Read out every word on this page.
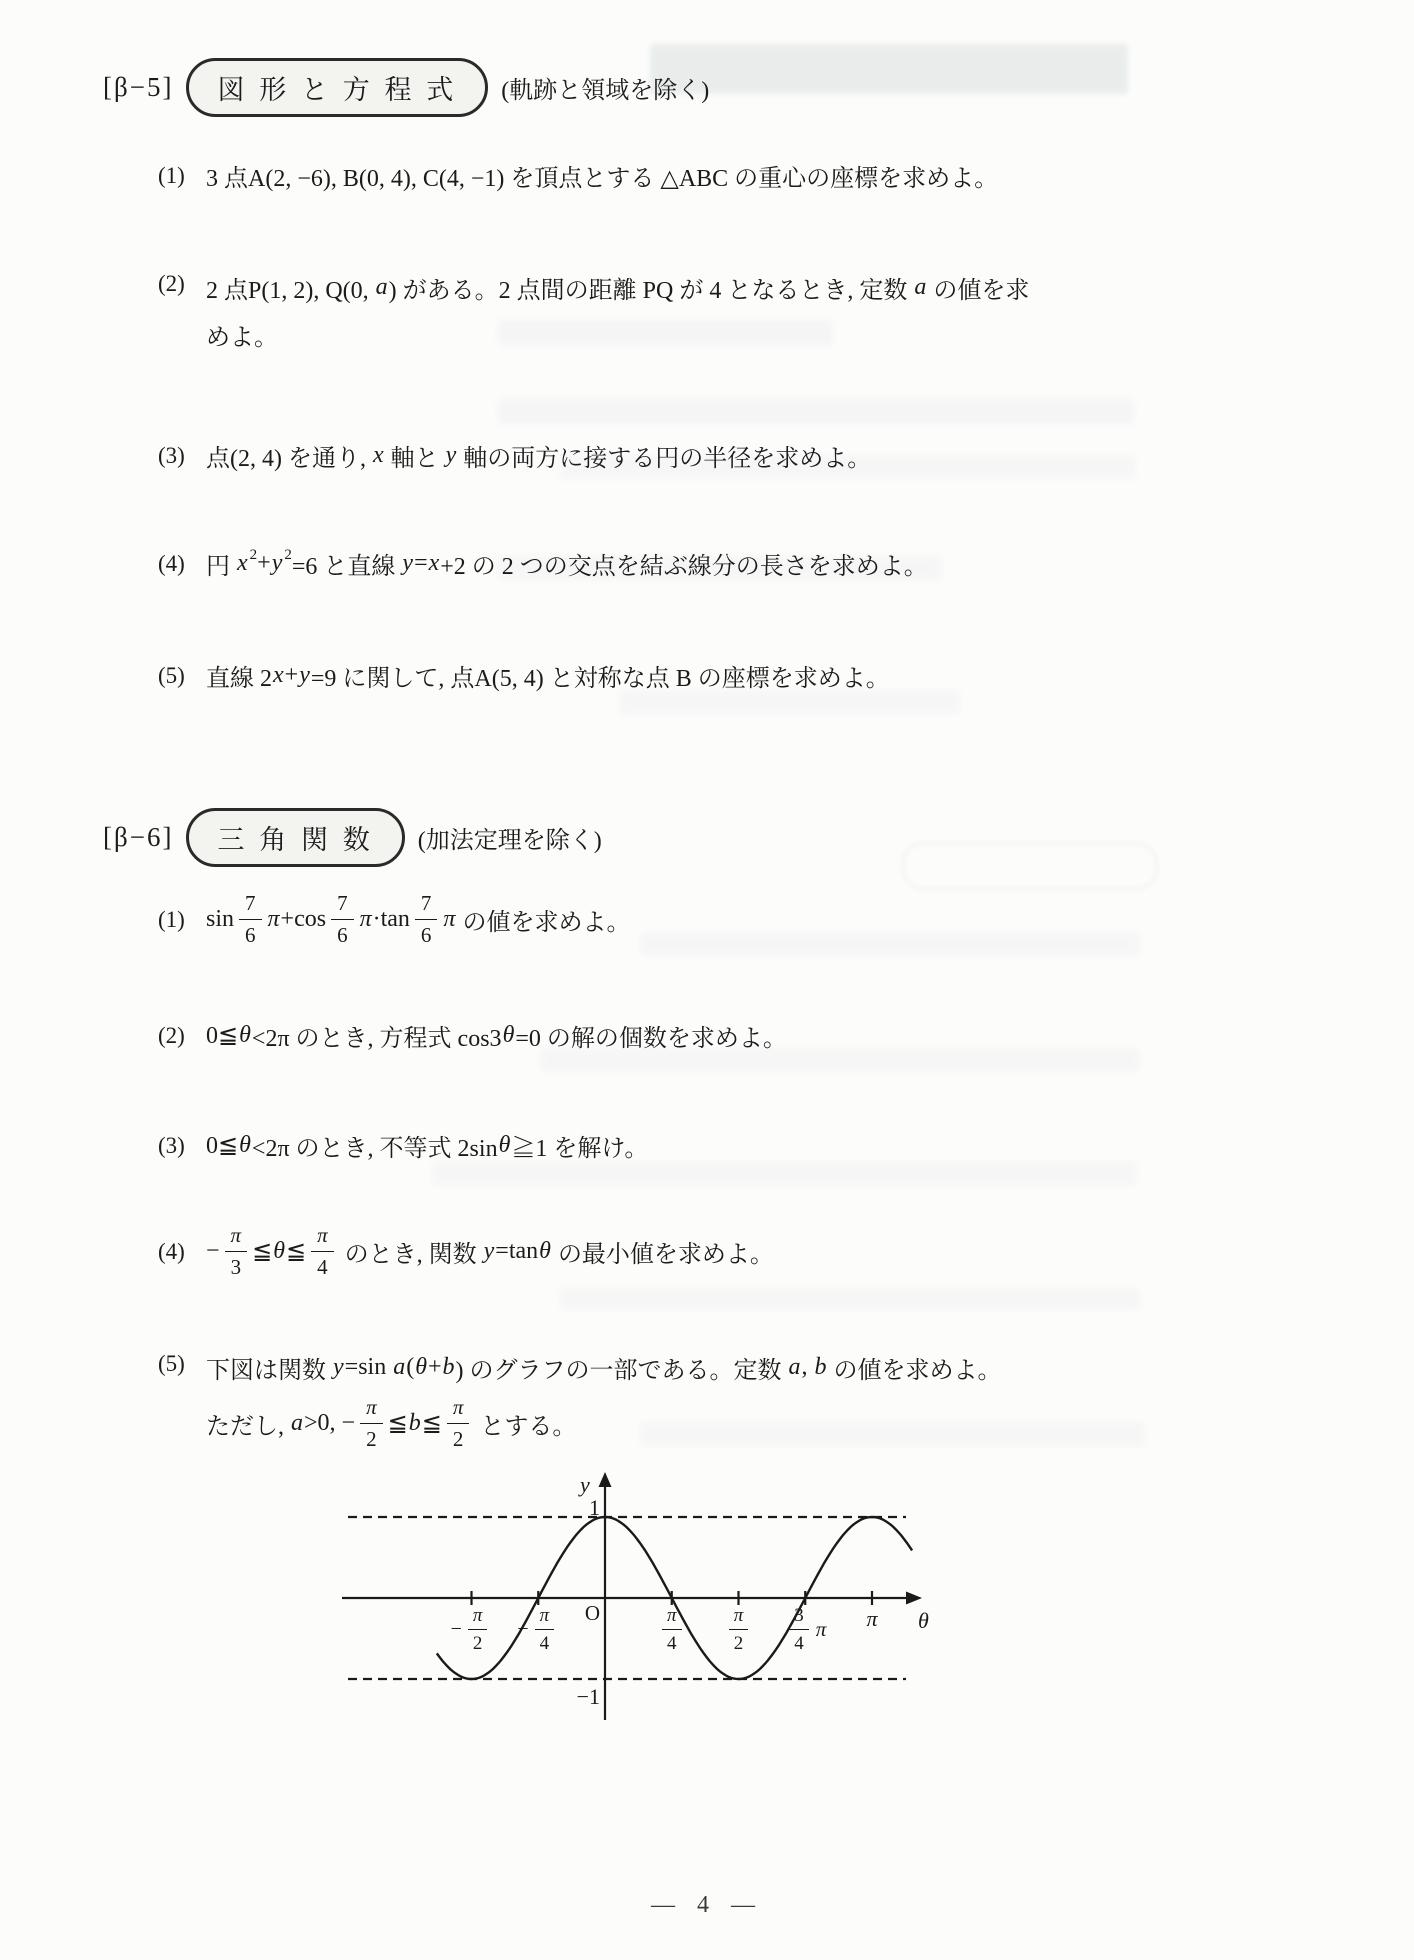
[β−5]	図 形 と 方 程 式	(軌跡と領域を除く)
(1) 3 点A(2, −6), B(0, 4), C(4, −1) を頂点とする △ABC の重心の座標を求めよ。
(2) 2 点P(1, 2), Q(0, a ) がある。2 点間の距離 PQ が 4 となるとき, 定数 a の値を求
めよ。
(3) 点(2, 4) を通り, x 軸と y 軸の両方に接する円の半径を求めよ。
(4) 円 x 2 + y 2 =6 と直線 y = x +2 の 2 つの交点を結ぶ線分の長さを求めよ。
(5) 直線 2 x + y =9 に関して, 点A(5, 4) と対称な点 B の座標を求めよ。
[β−6]	三 角 関 数	(加法定理を除く)
(1) $\sin \frac{7}{6}$ $\pi +\cos \frac{7}{6}$ $\pi \cdot\tan \frac{7}{6}$ π の値を求めよ。
(2) 0≦ θ <2π のとき, 方程式 cos3 θ =0 の解の個数を求めよ。
(3) 0≦ θ <2π のとき, 不等式 2sin θ ≧1 を解け。
$(4) - \frac{\pi}{3}$ ≦ θ ≦ $\frac{\pi}{4}$ のとき, 関数 y =tan θ の最小値を求めよ。
(5) 下図は関数 y =sin a ( θ + b ) のグラフの一部である。定数 a , b の値を求めよ。
ただし, a >0, − $\frac{\pi}{2}$ ≦ b ≦ $\frac{\pi}{2}$ とする。
y
θ
O
1
−1
− $\frac{\pi}{2} - \frac{\pi}{4}$	$\frac{\pi}{4} \frac{\pi}{2} \frac{3}{4}$ π π
— 4 —
